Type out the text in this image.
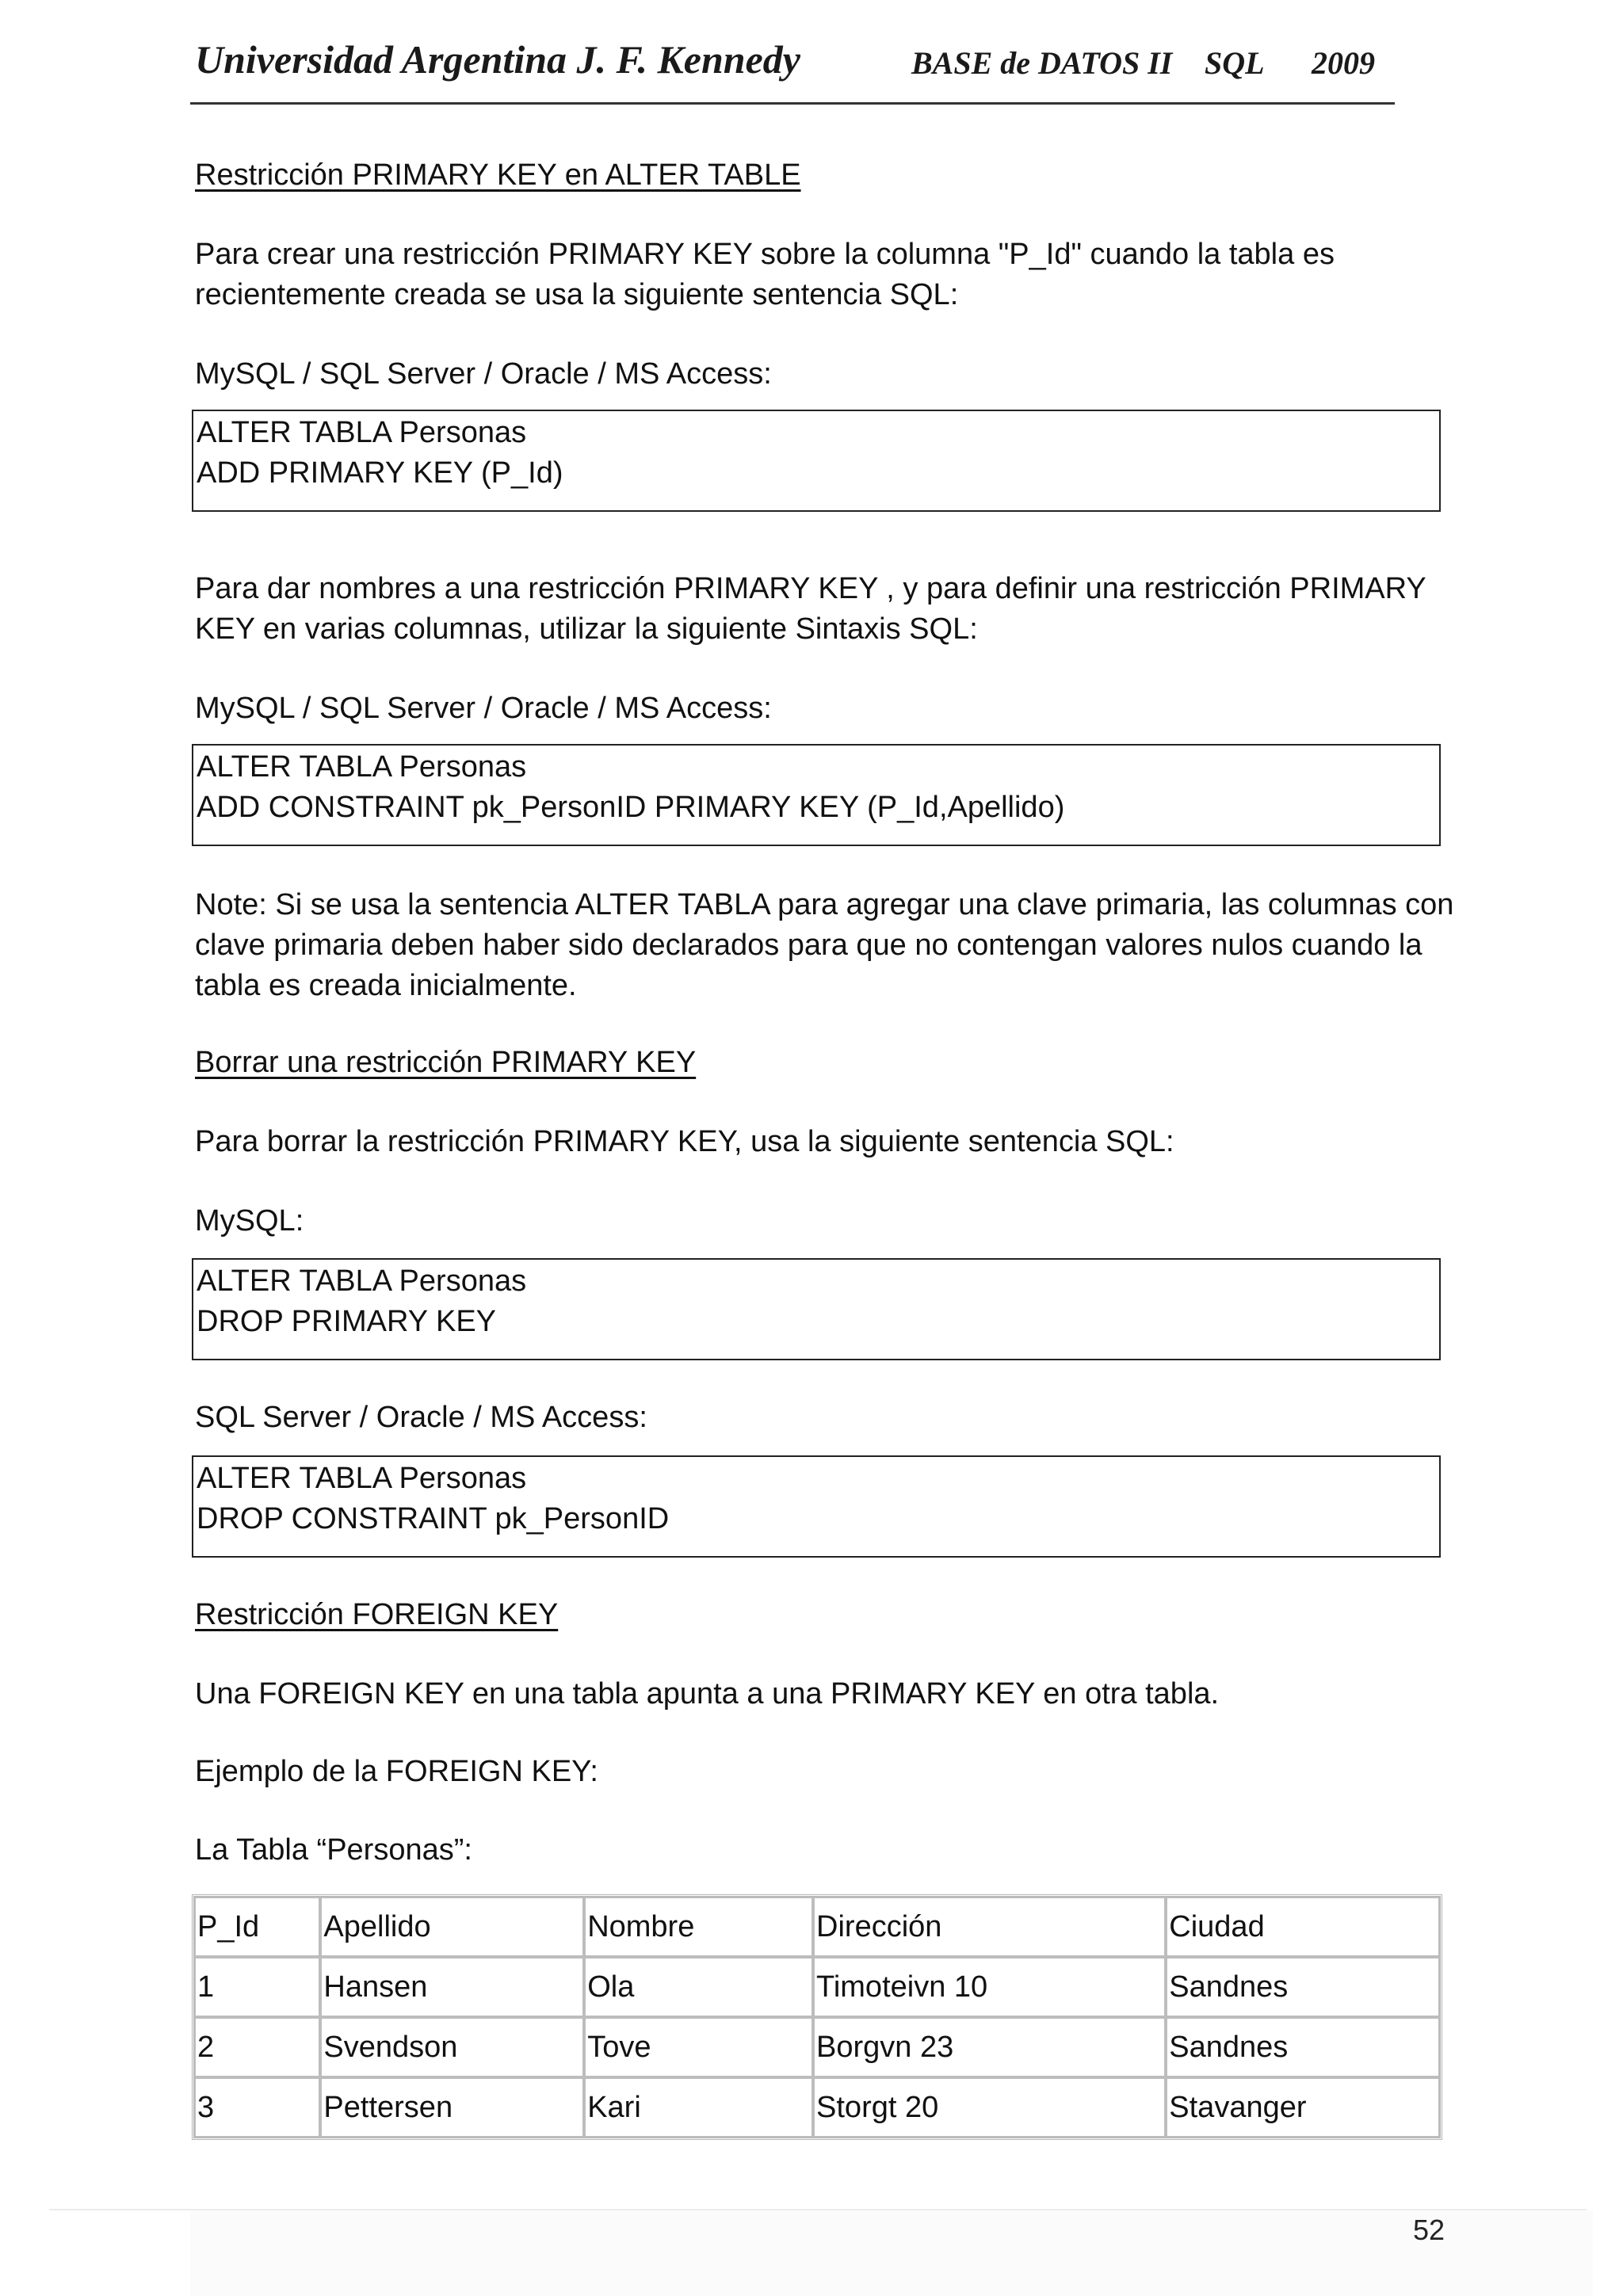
Universidad Argentina J. F. Kennedy	BASE de DATOS II SQL 2009
Restricción PRIMARY KEY en ALTER TABLE
Para crear una restricción PRIMARY KEY sobre la columna "P_Id" cuando la tabla es
recientemente creada se usa la siguiente sentencia SQL:
MySQL / SQL Server / Oracle / MS Access:
ALTER TABLA Personas
ADD PRIMARY KEY (P_Id)
Para dar nombres a una restricción PRIMARY KEY , y para definir una restricción PRIMARY
KEY en varias columnas, utilizar la siguiente Sintaxis SQL:
MySQL / SQL Server / Oracle / MS Access:
ALTER TABLA Personas
ADD CONSTRAINT pk_PersonID PRIMARY KEY (P_Id,Apellido)
Note: Si se usa la sentencia ALTER TABLA para agregar una clave primaria, las columnas con
clave primaria deben haber sido declarados para que no contengan valores nulos cuando la
tabla es creada inicialmente.
Borrar una restricción PRIMARY KEY
Para borrar la restricción PRIMARY KEY, usa la siguiente sentencia SQL:
MySQL:
ALTER TABLA Personas
DROP PRIMARY KEY
SQL Server / Oracle / MS Access:
ALTER TABLA Personas
DROP CONSTRAINT pk_PersonID
Restricción FOREIGN KEY
Una FOREIGN KEY en una tabla apunta a una PRIMARY KEY en otra tabla.
Ejemplo de la FOREIGN KEY:
La Tabla “Personas”:
P_Id	Apellido	Nombre	Dirección	Ciudad
1	Hansen	Ola	Timoteivn 10	Sandnes
2	Svendson	Tove	Borgvn 23	Sandnes
3	Pettersen	Kari	Storgt 20	Stavanger
52
